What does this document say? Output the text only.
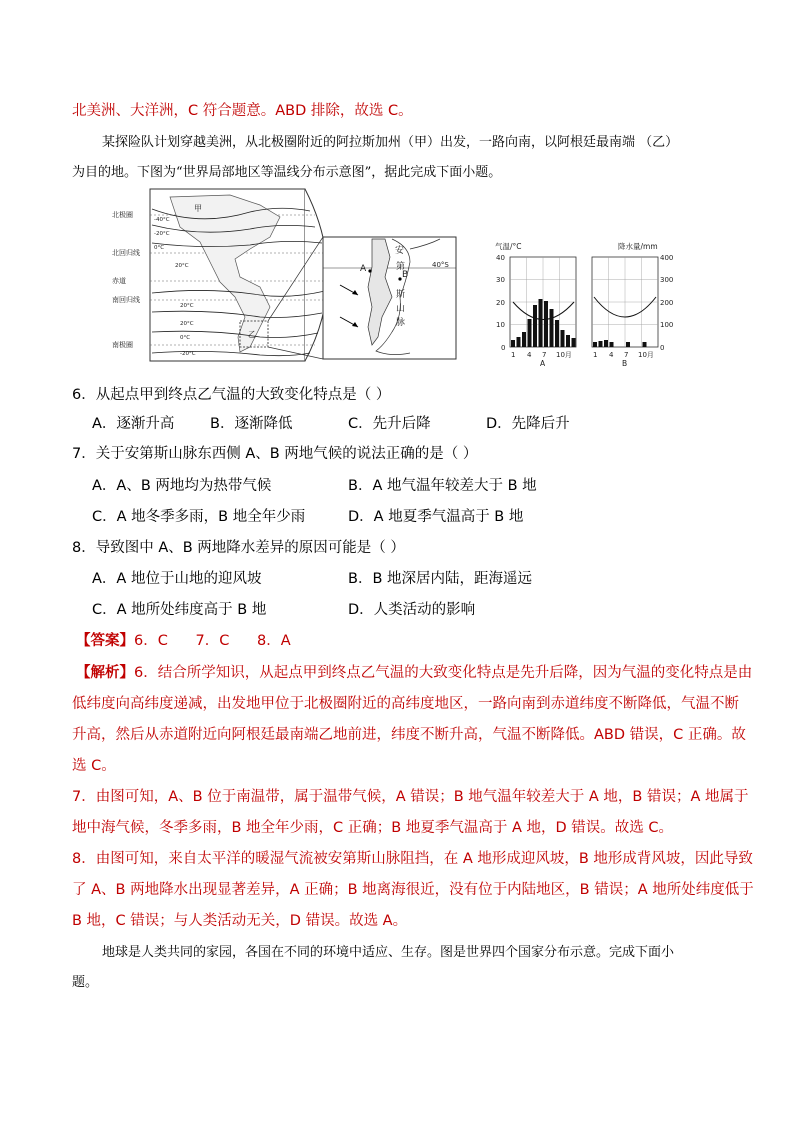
北美洲、大洋洲，C 符合题意。ABD 排除，故选 C。
某探险队计划穿越美洲，从北极圈附近的阿拉斯加州（甲）出发，一路向南，以阿根廷最南端 （乙）
为目的地。下图为“世界局部地区等温线分布示意图”，据此完成下面小题。
北极圈
北回归线
赤道
南回归线
南极圈
-40°C
-20°C
0°C
20°C
20°C
20°C
0°C
-20°C
甲
乙
A
B
40°S
安
第
斯
山
脉
气温/°C
40
30
20
10
0
1 4 7 10月
A
降水量/mm
400
300
200
100
0
1 4 7 10月
B
6．从起点甲到终点乙气温的大致变化特点是（ ）
A．逐渐升高 B．逐渐降低	C．先升后降	D．先降后升
7．关于安第斯山脉东西侧 A、B 两地气候的说法正确的是（ ）
A．A、B 两地均为热带气候	B．A 地气温年较差大于 B 地
C．A 地冬季多雨，B 地全年少雨	D．A 地夏季气温高于 B 地
8．导致图中 A、B 两地降水差异的原因可能是（ ）
A．A 地位于山地的迎风坡	B．B 地深居内陆，距海遥远
C．A 地所处纬度高于 B 地	D．人类活动的影响
【答案】6．C      7．C      8．A
【解析】6．结合所学知识，从起点甲到终点乙气温的大致变化特点是先升后降，因为气温的变化特点是由
低纬度向高纬度递减，出发地甲位于北极圈附近的高纬度地区，一路向南到赤道纬度不断降低，气温不断
升高，然后从赤道附近向阿根廷最南端乙地前进，纬度不断升高，气温不断降低。ABD 错误，C 正确。故
选 C。
7．由图可知，A、B 位于南温带，属于温带气候，A 错误；B 地气温年较差大于 A 地，B 错误；A 地属于
地中海气候，冬季多雨，B 地全年少雨，C 正确；B 地夏季气温高于 A 地，D 错误。故选 C。
8．由图可知，来自太平洋的暖湿气流被安第斯山脉阻挡，在 A 地形成迎风坡，B 地形成背风坡，因此导致
了 A、B 两地降水出现显著差异，A 正确；B 地离海很近，没有位于内陆地区，B 错误；A 地所处纬度低于
B 地，C 错误；与人类活动无关，D 错误。故选 A。
地球是人类共同的家园，各国在不同的环境中适应、生存。图是世界四个国家分布示意。完成下面小
题。
